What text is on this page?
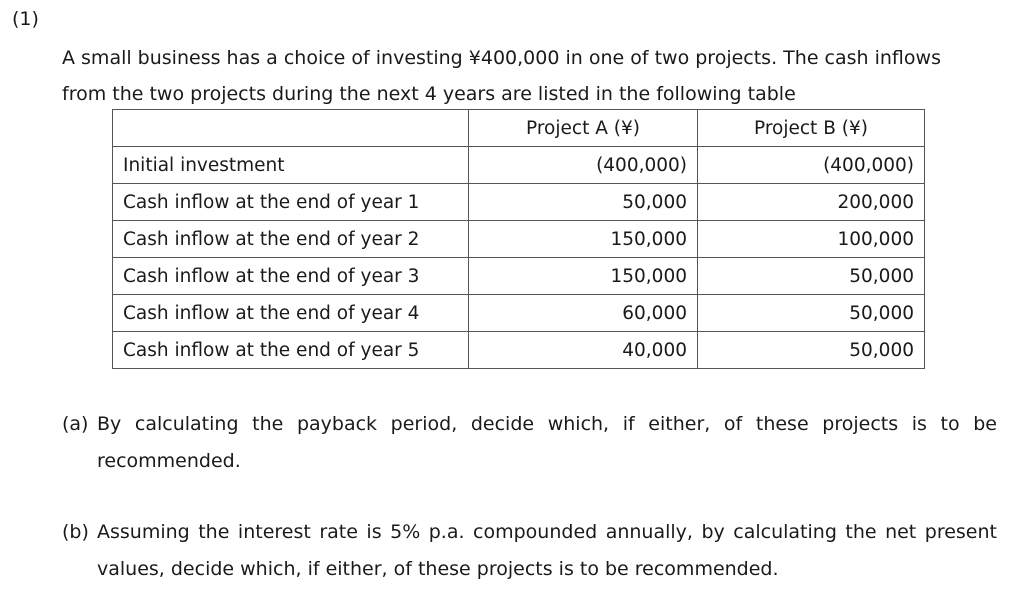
(1)
A small business has a choice of investing ¥400,000 in one of two projects. The cash inflows
from the two projects during the next 4 years are listed in the following table
	Project A (¥)	Project B (¥)
Initial investment	(400,000)	(400,000)
Cash inflow at the end of year 1	50,000	200,000
Cash inflow at the end of year 2	150,000	100,000
Cash inflow at the end of year 3	150,000	50,000
Cash inflow at the end of year 4	60,000	50,000
Cash inflow at the end of year 5	40,000	50,000
(a) By calculating the payback period, decide which, if either, of these projects is to be recommended.
(b) Assuming the interest rate is 5% p.a. compounded annually, by calculating the net present values, decide which, if either, of these projects is to be recommended.
